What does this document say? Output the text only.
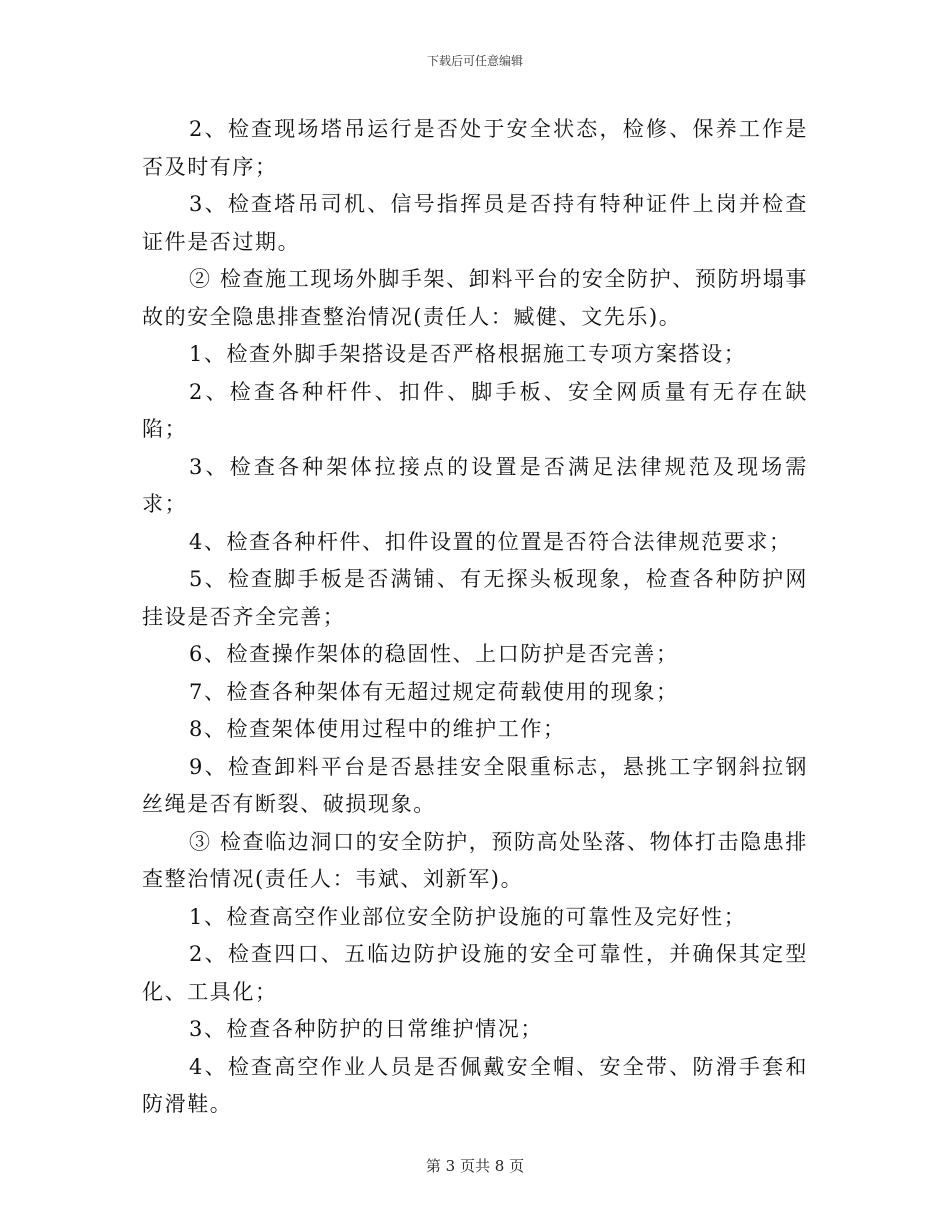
下载后可任意编辑

2、检查现场塔吊运行是否处于安全状态，检修、保养工作是否及时有序；

3、检查塔吊司机、信号指挥员是否持有特种证件上岗并检查证件是否过期。

② 检查施工现场外脚手架、卸料平台的安全防护、预防坍塌事故的安全隐患排查整治情况(责任人：臧健、文先乐)。

1、检查外脚手架搭设是否严格根据施工专项方案搭设；

2、检查各种杆件、扣件、脚手板、安全网质量有无存在缺陷；

3、检查各种架体拉接点的设置是否满足法律规范及现场需求；

4、检查各种杆件、扣件设置的位置是否符合法律规范要求；

5、检查脚手板是否满铺、有无探头板现象，检查各种防护网挂设是否齐全完善；

6、检查操作架体的稳固性、上口防护是否完善；

7、检查各种架体有无超过规定荷载使用的现象；

8、检查架体使用过程中的维护工作；

9、检查卸料平台是否悬挂安全限重标志，悬挑工字钢斜拉钢丝绳是否有断裂、破损现象。

③ 检查临边洞口的安全防护，预防高处坠落、物体打击隐患排查整治情况(责任人：韦斌、刘新军)。

1、检查高空作业部位安全防护设施的可靠性及完好性；

2、检查四口、五临边防护设施的安全可靠性，并确保其定型化、工具化；

3、检查各种防护的日常维护情况；

4、检查高空作业人员是否佩戴安全帽、安全带、防滑手套和防滑鞋。

第 3 页共 8 页
